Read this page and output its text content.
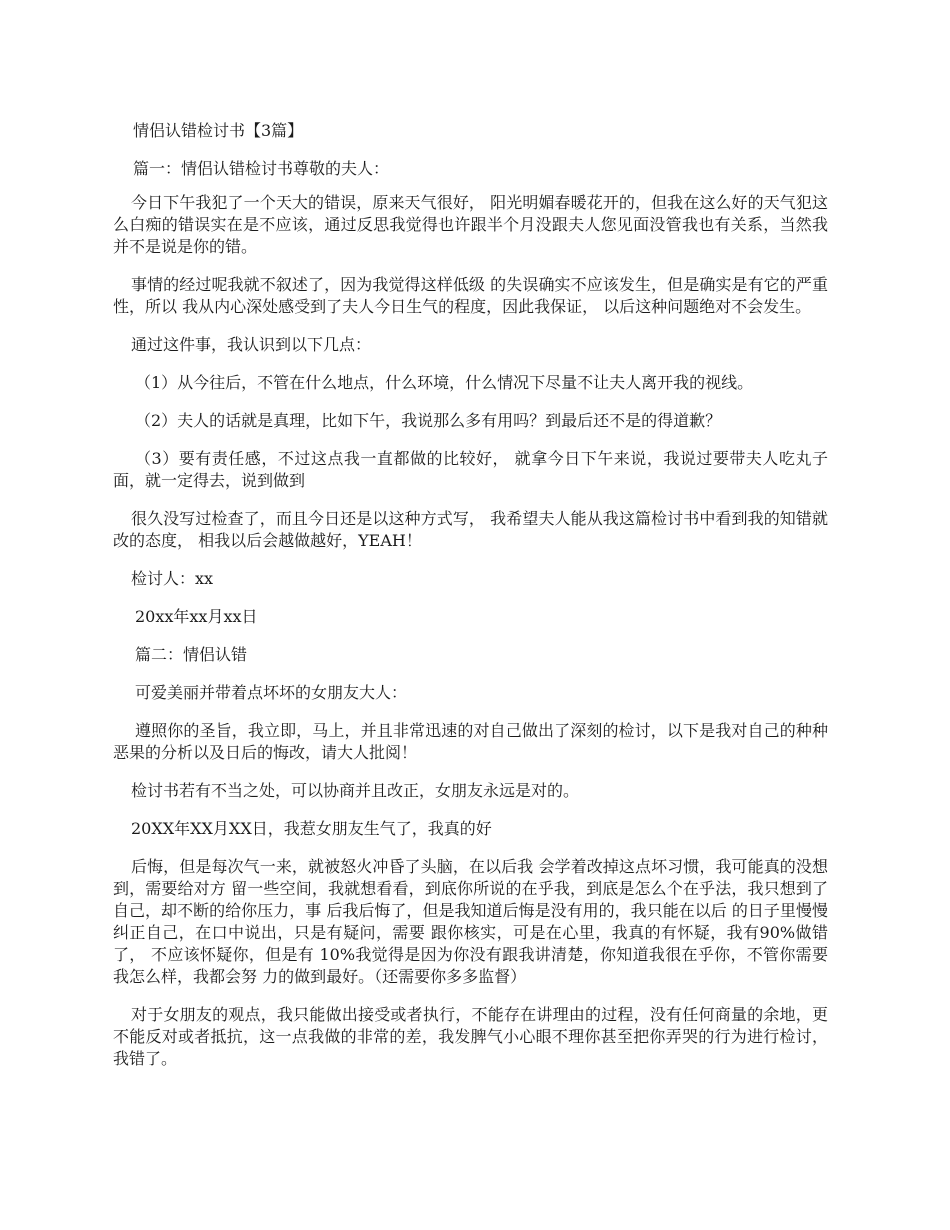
情侣认错检讨书【3篇】

篇一：情侣认错检讨书尊敬的夫人：

今日下午我犯了一个天大的错误，原来天气很好， 阳光明媚春暖花开的，但我在这么好的天气犯这么白痴的错误实在是不应该，通过反思我觉得也许跟半个月没跟夫人您见面没管我也有关系，当然我并不是说是你的错。

事情的经过呢我就不叙述了，因为我觉得这样低级 的失误确实不应该发生，但是确实是有它的严重性，所以 我从内心深处感受到了夫人今日生气的程度，因此我保证， 以后这种问题绝对不会发生。

通过这件事，我认识到以下几点：

（1）从今往后，不管在什么地点，什么环境，什么情况下尽量不让夫人离开我的视线。

（2）夫人的话就是真理，比如下午，我说那么多有用吗？到最后还不是的得道歉？

（3）要有责任感，不过这点我一直都做的比较好， 就拿今日下午来说，我说过要带夫人吃丸子面，就一定得去，说到做到

很久没写过检查了，而且今日还是以这种方式写， 我希望夫人能从我这篇检讨书中看到我的知错就改的态度， 相我以后会越做越好，YEAH！

检讨人：xx

20xx年xx月xx日

篇二：情侣认错

可爱美丽并带着点坏坏的女朋友大人：

遵照你的圣旨，我立即，马上，并且非常迅速的对自己做出了深刻的检讨，以下是我对自己的种种恶果的分析以及日后的悔改，请大人批阅！

检讨书若有不当之处，可以协商并且改正，女朋友永远是对的。

20XX年XX月XX日，我惹女朋友生气了，我真的好

后悔，但是每次气一来，就被怒火冲昏了头脑，在以后我 会学着改掉这点坏习惯，我可能真的没想到，需要给对方 留一些空间，我就想看看，到底你所说的在乎我，到底是怎么个在乎法，我只想到了自己，却不断的给你压力，事 后我后悔了，但是我知道后悔是没有用的，我只能在以后 的日子里慢慢纠正自己，在口中说出，只是有疑问，需要 跟你核实，可是在心里，我真的有怀疑，我有90%做错了， 不应该怀疑你，但是有 10%我觉得是因为你没有跟我讲清楚，你知道我很在乎你，不管你需要我怎么样，我都会努 力的做到最好。（还需要你多多监督）

对于女朋友的观点，我只能做出接受或者执行，不能存在讲理由的过程，没有任何商量的余地，更不能反对或者抵抗，这一点我做的非常的差，我发脾气小心眼不理你甚至把你弄哭的行为进行检讨，我错了。
